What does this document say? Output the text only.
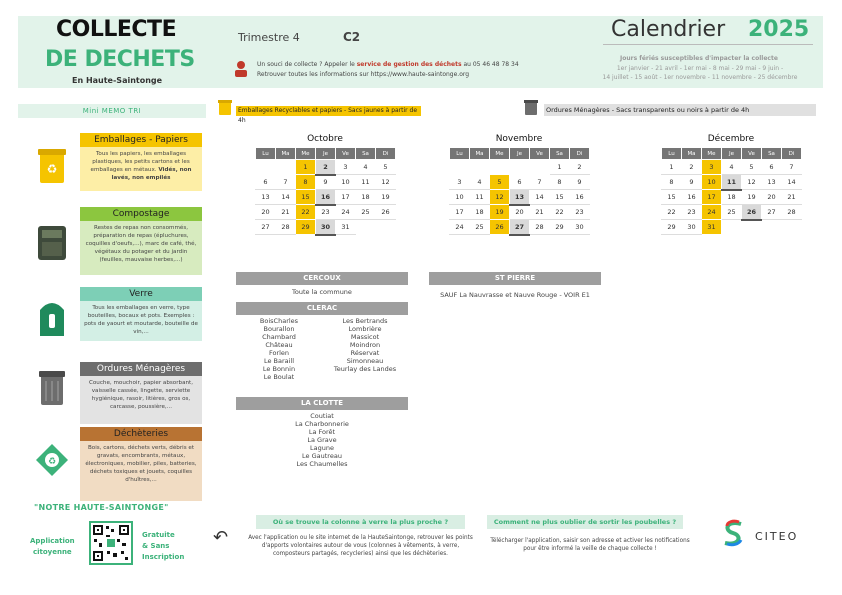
COLLECTE
DE DECHETS
En Haute-Saintonge
Trimestre 4	C2
Un souci de collecte ? Appeler le service de gestion des déchets au 05 46 48 78 34
Retrouver toutes les informations sur https://www.haute-saintonge.org
Calendrier 2025
Jours fériés susceptibles d'impacter la collecte
1er janvier - 21 avril - 1er mai - 8 mai - 29 mai - 9 juin -
14 juillet - 15 août - 1er novembre - 11 novembre - 25 décembre
Mini MEMO TRI
Emballages - Papiers
Tous les papiers, les emballages plastiques, les petits cartons et les emballages en métaux. Vidés, non lavés, non empilés
Compostage
Restes de repas non consommés, préparation de repas (épluchures, coquilles d'oeufs,...), marc de café, thé, végétaux du potager et du jardin (feuilles, mauvaise herbes,...)
Verre
Tous les emballages en verre, type bouteilles, bocaux et pots. Exemples : pots de yaourt et moutarde, bouteille de vin,...
Ordures Ménagères
Couche, mouchoir, papier absorbant, vaisselle cassée, lingette, serviette hygiénique, rasoir, litières, gros os, carcasse, poussière,...
Déchèteries
Bois, cartons, déchets verts, débris et gravats, encombrants, métaux, électroniques, mobilier, piles, batteries, déchets toxiques et jouets, coquilles d'huîtres,...
Emballages Recyclables et papiers - Sacs jaunes à partir de 4h
Ordures Ménagères - Sacs transparents ou noirs à partir de 4h
Octobre
Lu	Ma	Me	Je	Ve	Sa	Di
		1	2	3	4	5
6	7	8	9	10	11	12
13	14	15	16	17	18	19
20	21	22	23	24	25	26
27	28	29	30	31		
Novembre
Lu	Ma	Me	Je	Ve	Sa	Di
					1	2
3	4	5	6	7	8	9
10	11	12	13	14	15	16
17	18	19	20	21	22	23
24	25	26	27	28	29	30
Décembre
Lu	Ma	Me	Je	Ve	Sa	Di
1	2	3	4	5	6	7
8	9	10	11	12	13	14
15	16	17	18	19	20	21
22	23	24	25	26	27	28
29	30	31				
CERCOUX
Toute la commune
ST PIERRE
SAUF La Nauvrasse et Nauve Rouge - VOIR E1
CLERAC
BoisCharles
Bourallon
Chambard
Château
Forlen
Le Baraill
Le Bonnin
Le Boulat
Les Bertrands
Lombrière
Massicot
Moindron
Réservat
Simonneau
Teurlay des Landes
LA CLOTTE
Coutiat
La Charbonnerie
La Forêt
La Grave
Lagune
Le Gautreau
Les Chaumelles
"NOTRE HAUTE-SAINTONGE"
Application
citoyenne
Gratuite
& Sans
Inscription
↶
Où se trouve la colonne à verre la plus proche ?
Avec l'application ou le site internet de la HauteSaintonge, retrouver les points d'apports volontaires autour de vous (colonnes à vêtements, à verre, composteurs partagés, recycleries) ainsi que les déchèteries.
Comment ne plus oublier de sortir les poubelles ?
Télécharger l'application, saisir son adresse et activer les notifications pour être informé la veille de chaque collecte !
CITEO
♻
♻
